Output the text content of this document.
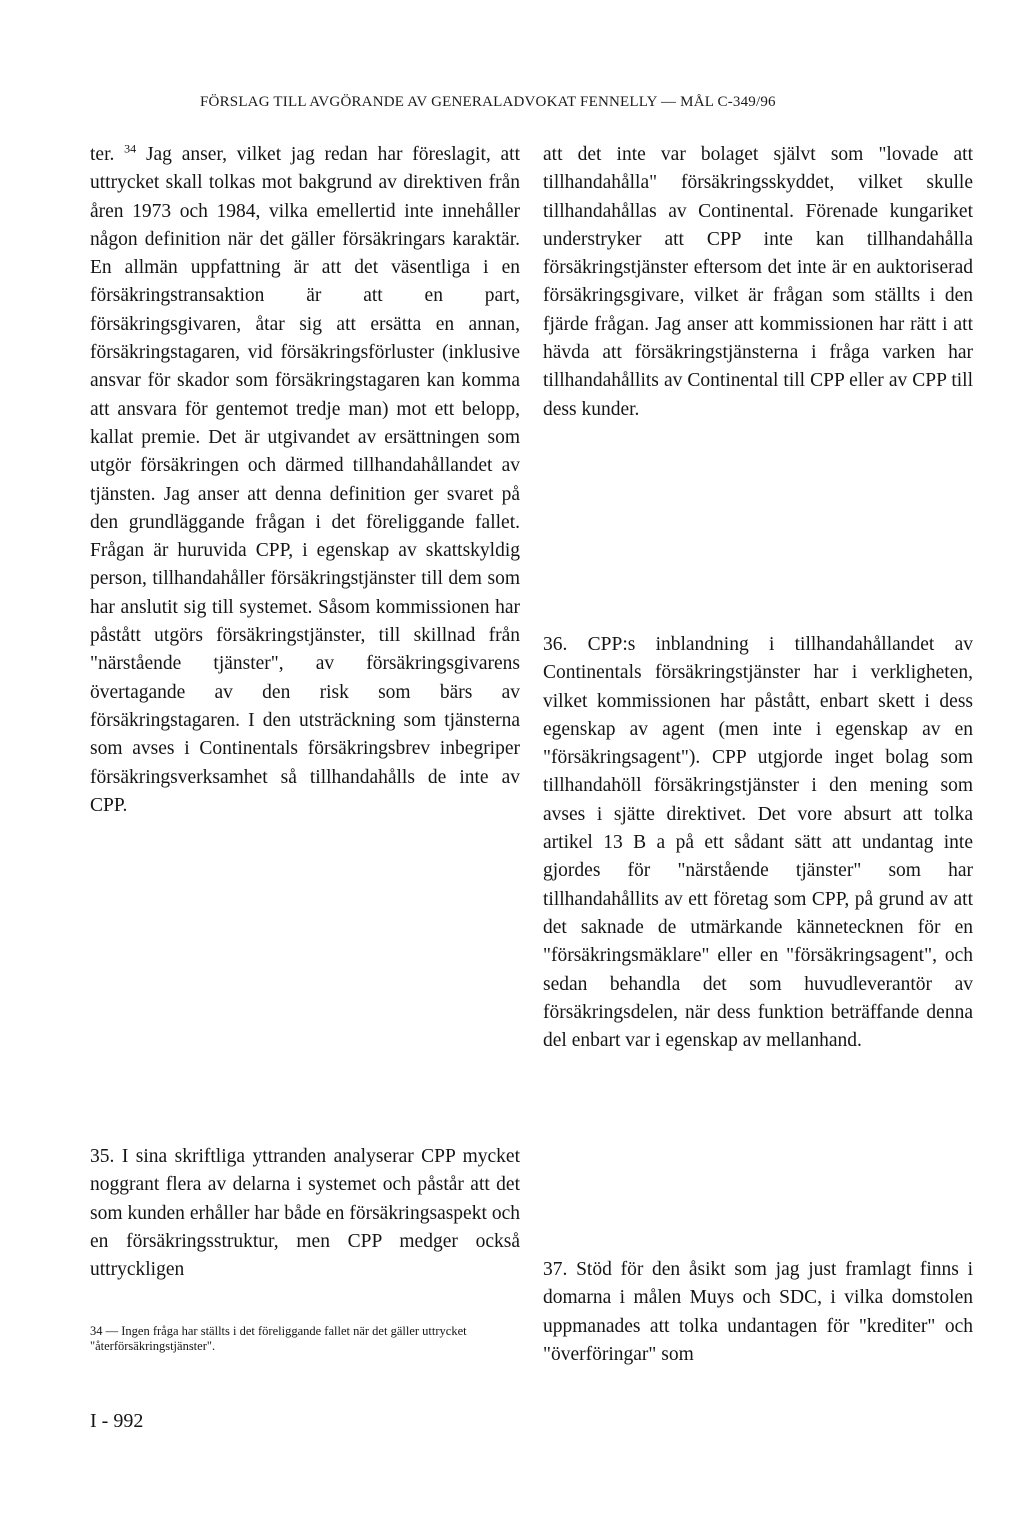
FÖRSLAG TILL AVGÖRANDE AV GENERALADVOKAT FENNELLY — MÅL C-349/96

ter. $^{34}$ Jag anser, vilket jag redan har föreslagit, att uttrycket skall tolkas mot bakgrund av direktiven från åren 1973 och 1984, vilka emellertid inte innehåller någon definition när det gäller försäkringars karaktär. En allmän uppfattning är att det väsentliga i en försäkringstransaktion är att en part, försäkringsgivaren, åtar sig att ersätta en annan, försäkringstagaren, vid försäkringsförluster (inklusive ansvar för skador som försäkringstagaren kan komma att ansvara för gentemot tredje man) mot ett belopp, kallat premie. Det är utgivandet av ersättningen som utgör försäkringen och därmed tillhandahållandet av tjänsten. Jag anser att denna definition ger svaret på den grundläggande frågan i det föreliggande fallet. Frågan är huruvida CPP, i egenskap av skattskyldig person, tillhandahåller försäkringstjänster till dem som har anslutit sig till systemet. Såsom kommissionen har påstått utgörs försäkringstjänster, till skillnad från "närstående tjänster", av försäkringsgivarens övertagande av den risk som bärs av försäkringstagaren. I den utsträckning som tjänsterna som avses i Continentals försäkringsbrev inbegriper försäkringsverksamhet så tillhandahålls de inte av CPP.

35. I sina skriftliga yttranden analyserar CPP mycket noggrant flera av delarna i systemet och påstår att det som kunden erhåller har både en försäkringsaspekt och en försäkringsstruktur, men CPP medger också uttryckligen

att det inte var bolaget självt som "lovade att tillhandahålla" försäkringsskyddet, vilket skulle tillhandahållas av Continental. Förenade kungariket understryker att CPP inte kan tillhandahålla försäkringstjänster eftersom det inte är en auktoriserad försäkringsgivare, vilket är frågan som ställts i den fjärde frågan. Jag anser att kommissionen har rätt i att hävda att försäkringstjänsterna i fråga varken har tillhandahållits av Continental till CPP eller av CPP till dess kunder.

36. CPP:s inblandning i tillhandahållandet av Continentals försäkringstjänster har i verkligheten, vilket kommissionen har påstått, enbart skett i dess egenskap av agent (men inte i egenskap av en "försäkringsagent"). CPP utgjorde inget bolag som tillhandahöll försäkringstjänster i den mening som avses i sjätte direktivet. Det vore absurt att tolka artikel 13 B a på ett sådant sätt att undantag inte gjordes för "närstående tjänster" som har tillhandahållits av ett företag som CPP, på grund av att det saknade de utmärkande kännetecknen för en "försäkringsmäklare" eller en "försäkringsagent", och sedan behandla det som huvudleverantör av försäkringsdelen, när dess funktion beträffande denna del enbart var i egenskap av mellanhand.

37. Stöd för den åsikt som jag just framlagt finns i domarna i målen Muys och SDC, i vilka domstolen uppmanades att tolka undantagen för "krediter" och "överföringar" som

34 — Ingen fråga har ställts i det föreliggande fallet när det gäller uttrycket "återförsäkringstjänster".
I - 992
